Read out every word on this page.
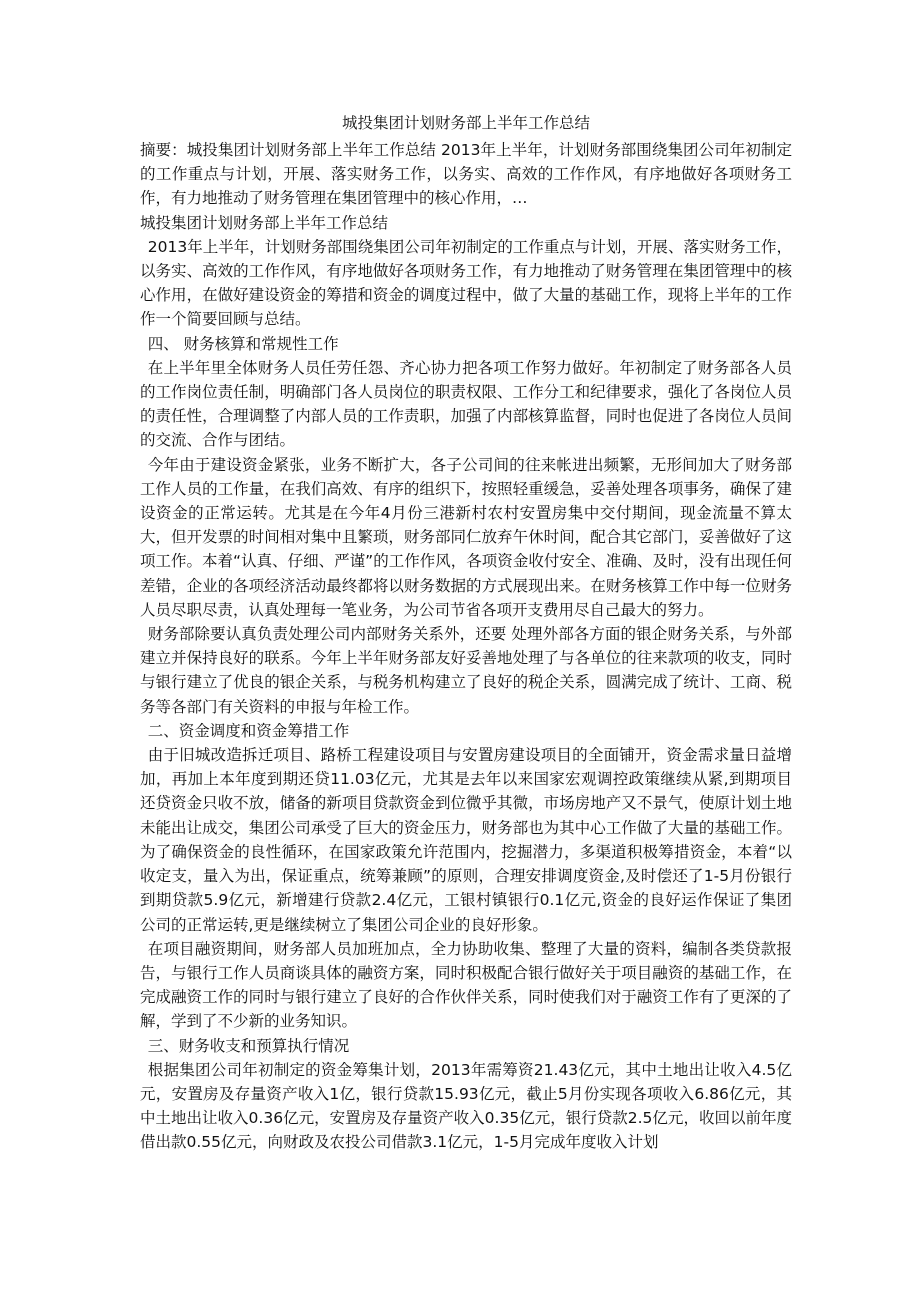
城投集团计划财务部上半年工作总结

摘要：城投集团计划财务部上半年工作总结 2013年上半年，计划财务部围绕集团公司年初制定的工作重点与计划，开展、落实财务工作，以务实、高效的工作作风，有序地做好各项财务工作，有力地推动了财务管理在集团管理中的核心作用，…

城投集团计划财务部上半年工作总结

2013年上半年，计划财务部围绕集团公司年初制定的工作重点与计划，开展、落实财务工作，以务实、高效的工作作风，有序地做好各项财务工作，有力地推动了财务管理在集团管理中的核心作用，在做好建设资金的筹措和资金的调度过程中，做了大量的基础工作，现将上半年的工作作一个简要回顾与总结。

四、 财务核算和常规性工作

在上半年里全体财务人员任劳任怨、齐心协力把各项工作努力做好。年初制定了财务部各人员的工作岗位责任制，明确部门各人员岗位的职责权限、工作分工和纪律要求，强化了各岗位人员的责任性，合理调整了内部人员的工作责职，加强了内部核算监督，同时也促进了各岗位人员间的交流、合作与团结。

今年由于建设资金紧张，业务不断扩大，各子公司间的往来帐进出频繁，无形间加大了财务部工作人员的工作量，在我们高效、有序的组织下，按照轻重缓急，妥善处理各项事务，确保了建设资金的正常运转。尤其是在今年4月份三港新村农村安置房集中交付期间，现金流量不算太大，但开发票的时间相对集中且繁琐，财务部同仁放弃午休时间，配合其它部门，妥善做好了这项工作。本着“认真、仔细、严谨”的工作作风，各项资金收付安全、准确、及时，没有出现任何差错，企业的各项经济活动最终都将以财务数据的方式展现出来。在财务核算工作中每一位财务人员尽职尽责，认真处理每一笔业务，为公司节省各项开支费用尽自己最大的努力。

财务部除要认真负责处理公司内部财务关系外，还要 处理外部各方面的银企财务关系，与外部建立并保持良好的联系。今年上半年财务部友好妥善地处理了与各单位的往来款项的收支，同时与银行建立了优良的银企关系，与税务机构建立了良好的税企关系，圆满完成了统计、工商、税务等各部门有关资料的申报与年检工作。

二、资金调度和资金筹措工作

由于旧城改造拆迁项目、路桥工程建设项目与安置房建设项目的全面铺开，资金需求量日益增加，再加上本年度到期还贷11.03亿元，尤其是去年以来国家宏观调控政策继续从紧,到期项目还贷资金只收不放，储备的新项目贷款资金到位微乎其微，市场房地产又不景气，使原计划土地未能出让成交，集团公司承受了巨大的资金压力，财务部也为其中心工作做了大量的基础工作。为了确保资金的良性循环，在国家政策允许范围内，挖掘潜力，多渠道积极筹措资金，本着“以收定支，量入为出，保证重点，统筹兼顾”的原则，合理安排调度资金,及时偿还了1-5月份银行到期贷款5.9亿元，新增建行贷款2.4亿元，工银村镇银行0.1亿元,资金的良好运作保证了集团公司的正常运转,更是继续树立了集团公司企业的良好形象。

在项目融资期间，财务部人员加班加点，全力协助收集、整理了大量的资料，编制各类贷款报告，与银行工作人员商谈具体的融资方案，同时积极配合银行做好关于项目融资的基础工作，在完成融资工作的同时与银行建立了良好的合作伙伴关系，同时使我们对于融资工作有了更深的了解，学到了不少新的业务知识。

三、财务收支和预算执行情况

根据集团公司年初制定的资金筹集计划，2013年需筹资21.43亿元，其中土地出让收入4.5亿元，安置房及存量资产收入1亿，银行贷款15.93亿元，截止5月份实现各项收入6.86亿元，其中土地出让收入0.36亿元，安置房及存量资产收入0.35亿元，银行贷款2.5亿元，收回以前年度借出款0.55亿元，向财政及农投公司借款3.1亿元，1-5月完成年度收入计划
